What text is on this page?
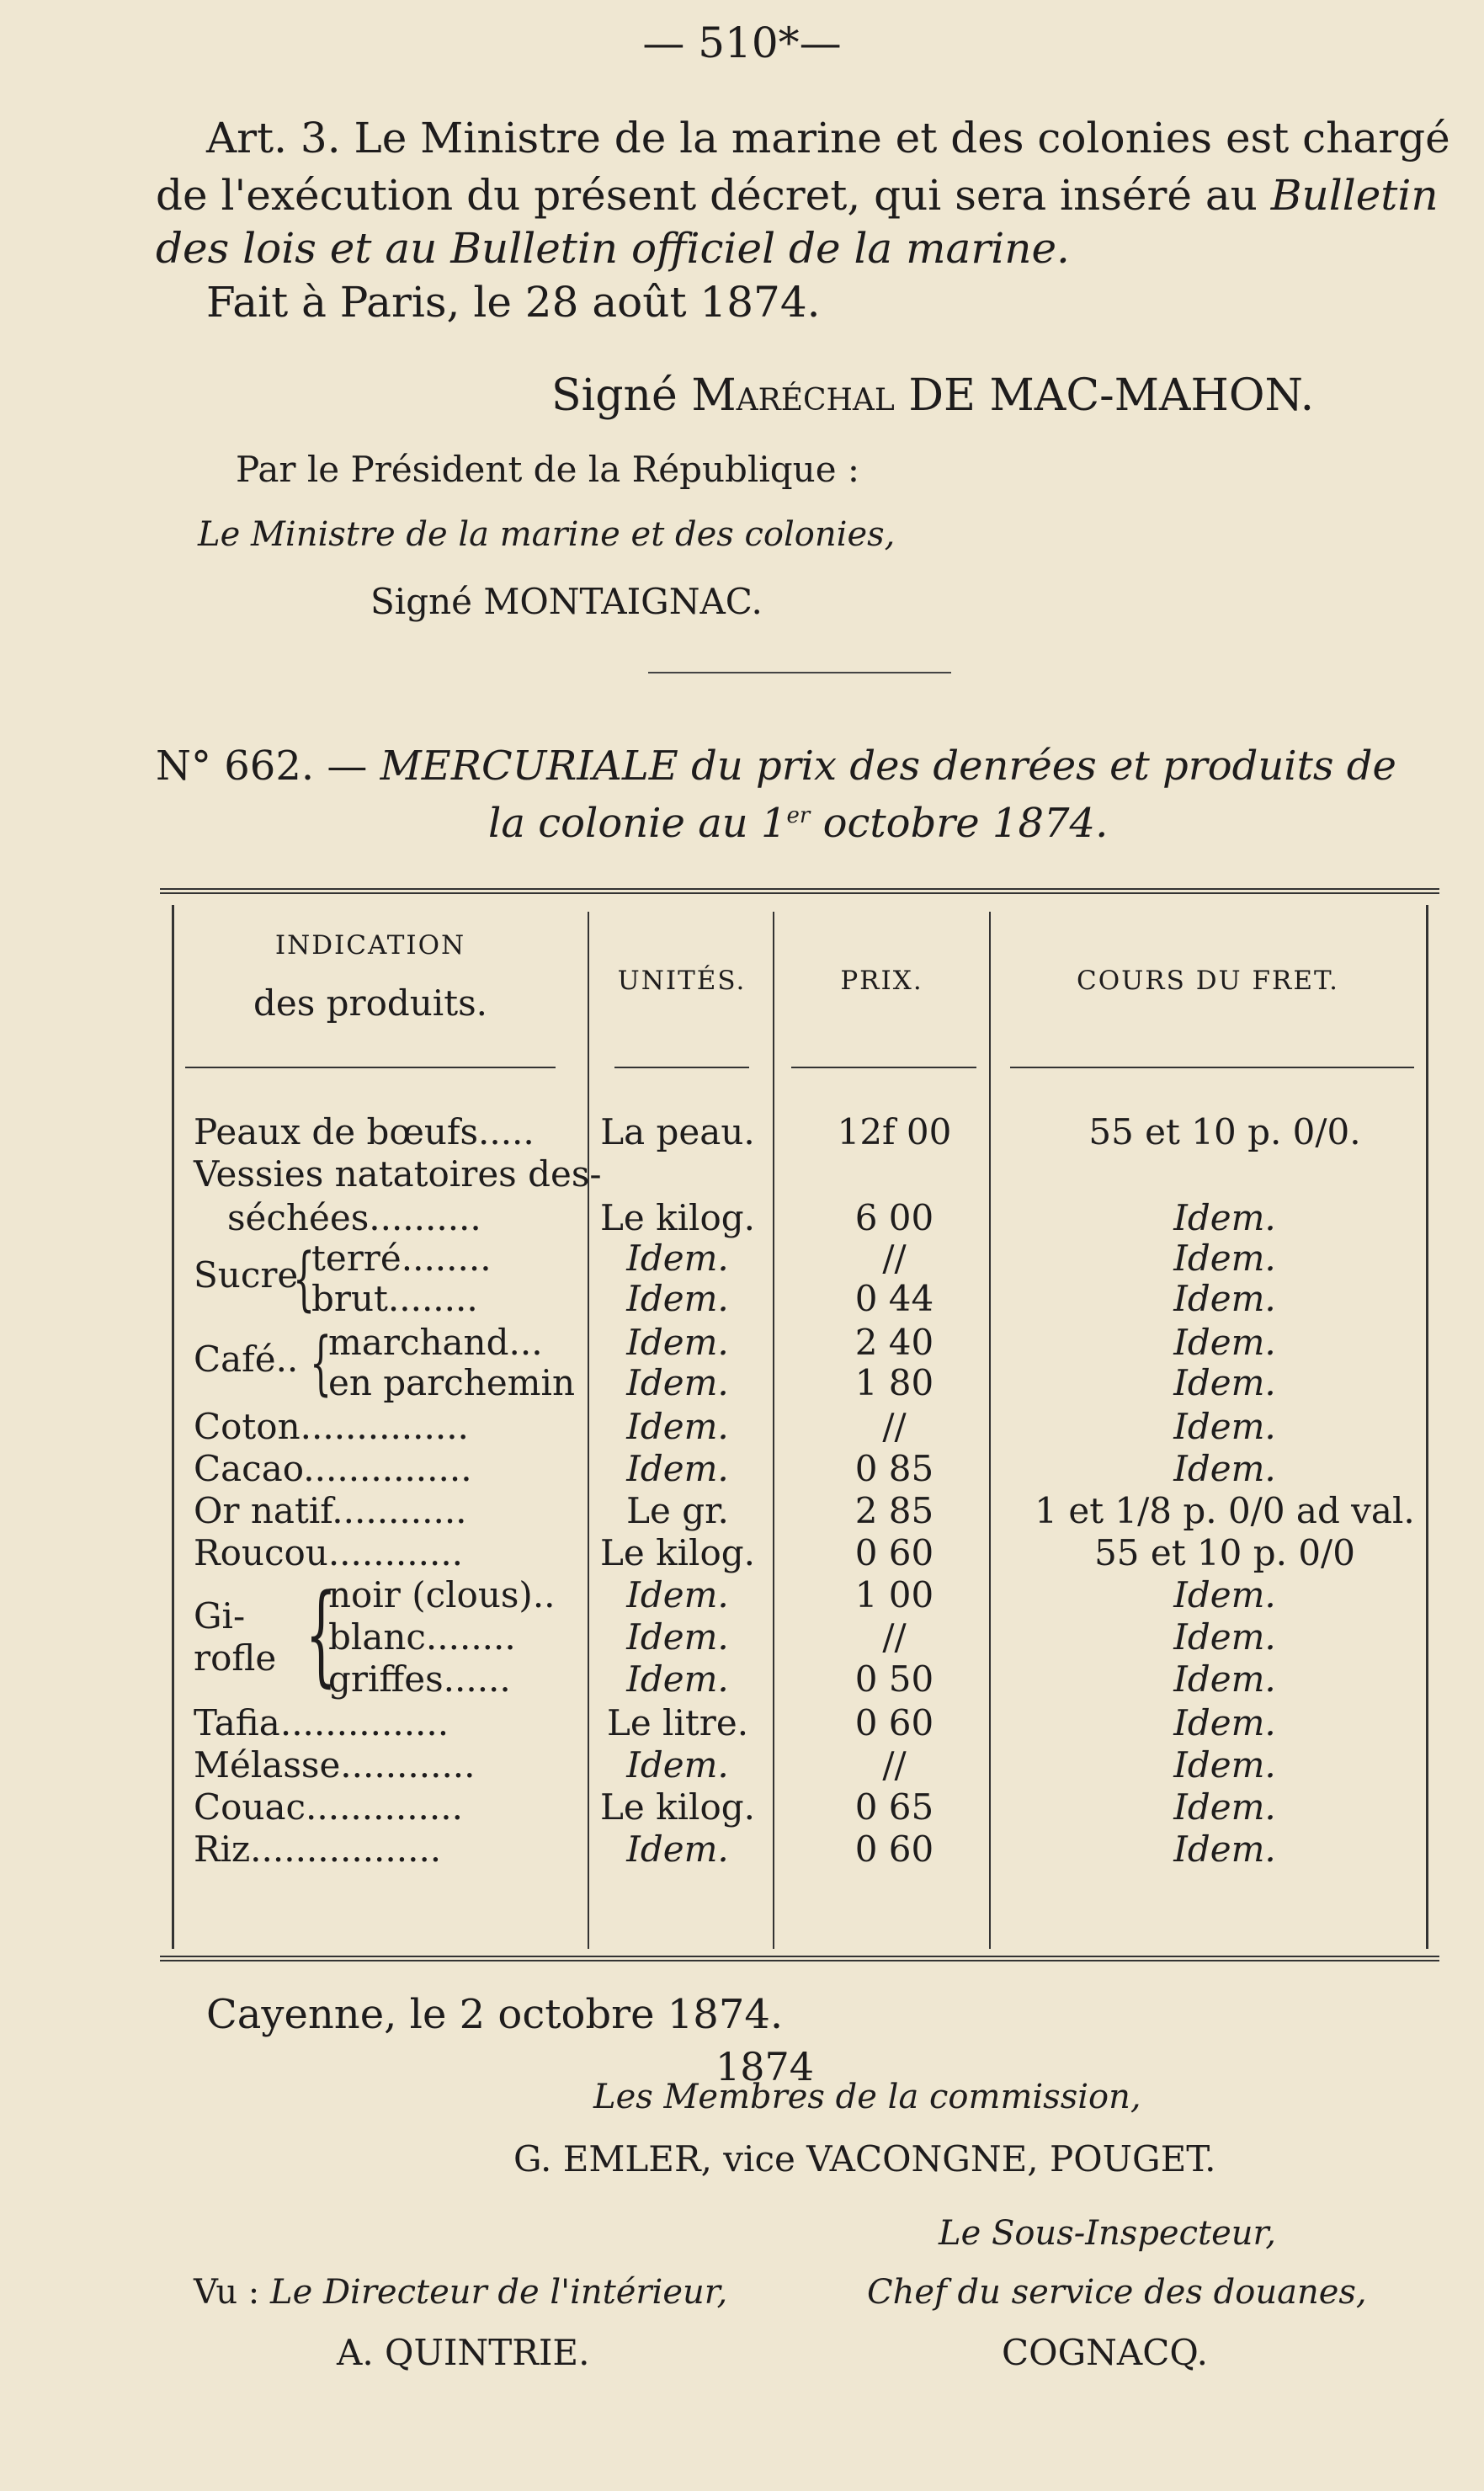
— 510*—
Art. 3. Le Ministre de la marine et des colonies est chargé
de l'exécution du présent décret, qui sera inséré au Bulletin
des lois et au Bulletin officiel de la marine.
Fait à Paris, le 28 août 1874.
Signé Maréchal DE MAC-MAHON.
Par le Président de la République :
Le Ministre de la marine et des colonies,
Signé MONTAIGNAC.
N° 662. — MERCURIALE du prix des denrées et produits de
la colonie au 1er octobre 1874.
INDICATION
des produits.
UNITÉS.	PRIX.	COURS DU FRET.
Peaux de bœufs.....	La peau.	12f 00	55 et 10 p. 0/0.
Vessies natatoires des-
séchées..........	Le kilog.	6 00	Idem.
Sucre
{
terré........	Idem.	//	Idem.
brut........	Idem.	0 44	Idem.
Café.. {
marchand...	Idem.	2 40	Idem.
en parchemin	Idem.	1 80	Idem.
Coton...............	Idem.	//	Idem.
Cacao...............	Idem.	0 85	Idem.
Or natif............	Le gr.	2 85	1 et 1/8 p. 0/0 ad val.
Roucou............	Le kilog.	0 60	55 et 10 p. 0/0
Gi-
rofle {
noir (clous)..	Idem.	1 00	Idem.
blanc........	Idem.	//	Idem.
griffes......	Idem.	0 50	Idem.
Tafia...............	Le litre.	0 60	Idem.
Mélasse............	Idem.	//	Idem.
Couac..............	Le kilog.	0 65	Idem.
Riz.................	Idem.	0 60	Idem.
Cayenne, le 2 octobre 1874.
1874
Les Membres de la commission,
G. EMLER, vice VACONGNE, POUGET.
Le Sous-Inspecteur,
Vu : Le Directeur de l'intérieur,	Chef du service des douanes,
A. QUINTRIE.	COGNACQ.
